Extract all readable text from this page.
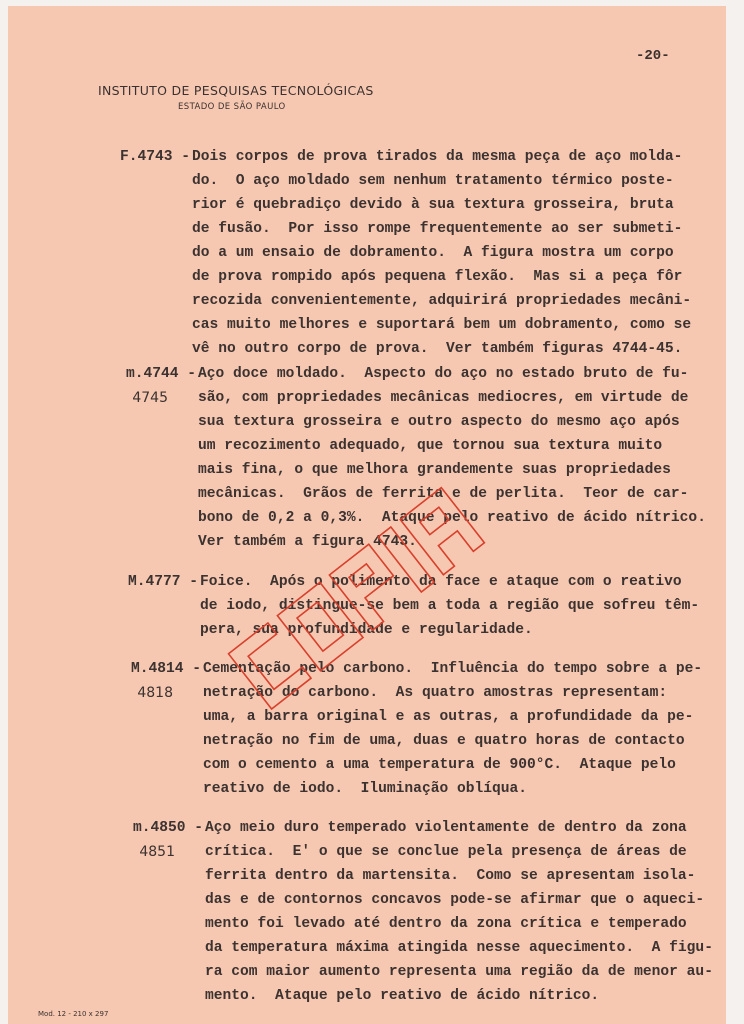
-20-
INSTITUTO DE PESQUISAS TECNOLÓGICAS
ESTADO DE SÃO PAULO
F.4743 - Dois corpos de prova tirados da mesma peça de aço molda-
do.  O aço moldado sem nenhum tratamento térmico poste-
rior é quebradiço devido à sua textura grosseira, bruta
de fusão.  Por isso rompe frequentemente ao ser submeti-
do a um ensaio de dobramento.  A figura mostra um corpo
de prova rompido após pequena flexão.  Mas si a peça fôr
recozida convenientemente, adquirirá propriedades mecâni-
cas muito melhores e suportará bem um dobramento, como se
vê no outro corpo de prova.  Ver também figuras 4744-45.
m.4744 -
4745
Aço doce moldado.  Aspecto do aço no estado bruto de fu-
são, com propriedades mecânicas mediocres, em virtude de
sua textura grosseira e outro aspecto do mesmo aço após
um recozimento adequado, que tornou sua textura muito
mais fina, o que melhora grandemente suas propriedades
mecânicas.  Grãos de ferrita e de perlita.  Teor de car-
bono de 0,2 a 0,3%.  Ataque pelo reativo de ácido nítrico.
Ver também a figura 4743.
M.4777 - Foice.  Após o polimento da face e ataque com o reativo
de iodo, distingue-se bem a toda a região que sofreu têm-
pera, sua profundidade e regularidade.
M.4814 -
4818
Cementação pelo carbono.  Influência do tempo sobre a pe-
netração do carbono.  As quatro amostras representam:
uma, a barra original e as outras, a profundidade da pe-
netração no fim de uma, duas e quatro horas de contacto
com o cemento a uma temperatura de 900°C.  Ataque pelo
reativo de iodo.  Iluminação oblíqua.
m.4850 -
4851
Aço meio duro temperado violentamente de dentro da zona
crítica.  E' o que se conclue pela presença de áreas de
ferrita dentro da martensita.  Como se apresentam isola-
das e de contornos concavos pode-se afirmar que o aqueci-
mento foi levado até dentro da zona crítica e temperado
da temperatura máxima atingida nesse aquecimento.  A figu-
ra com maior aumento representa uma região da de menor au-
mento.  Ataque pelo reativo de ácido nítrico.
Mod. 12 - 210 x 297
